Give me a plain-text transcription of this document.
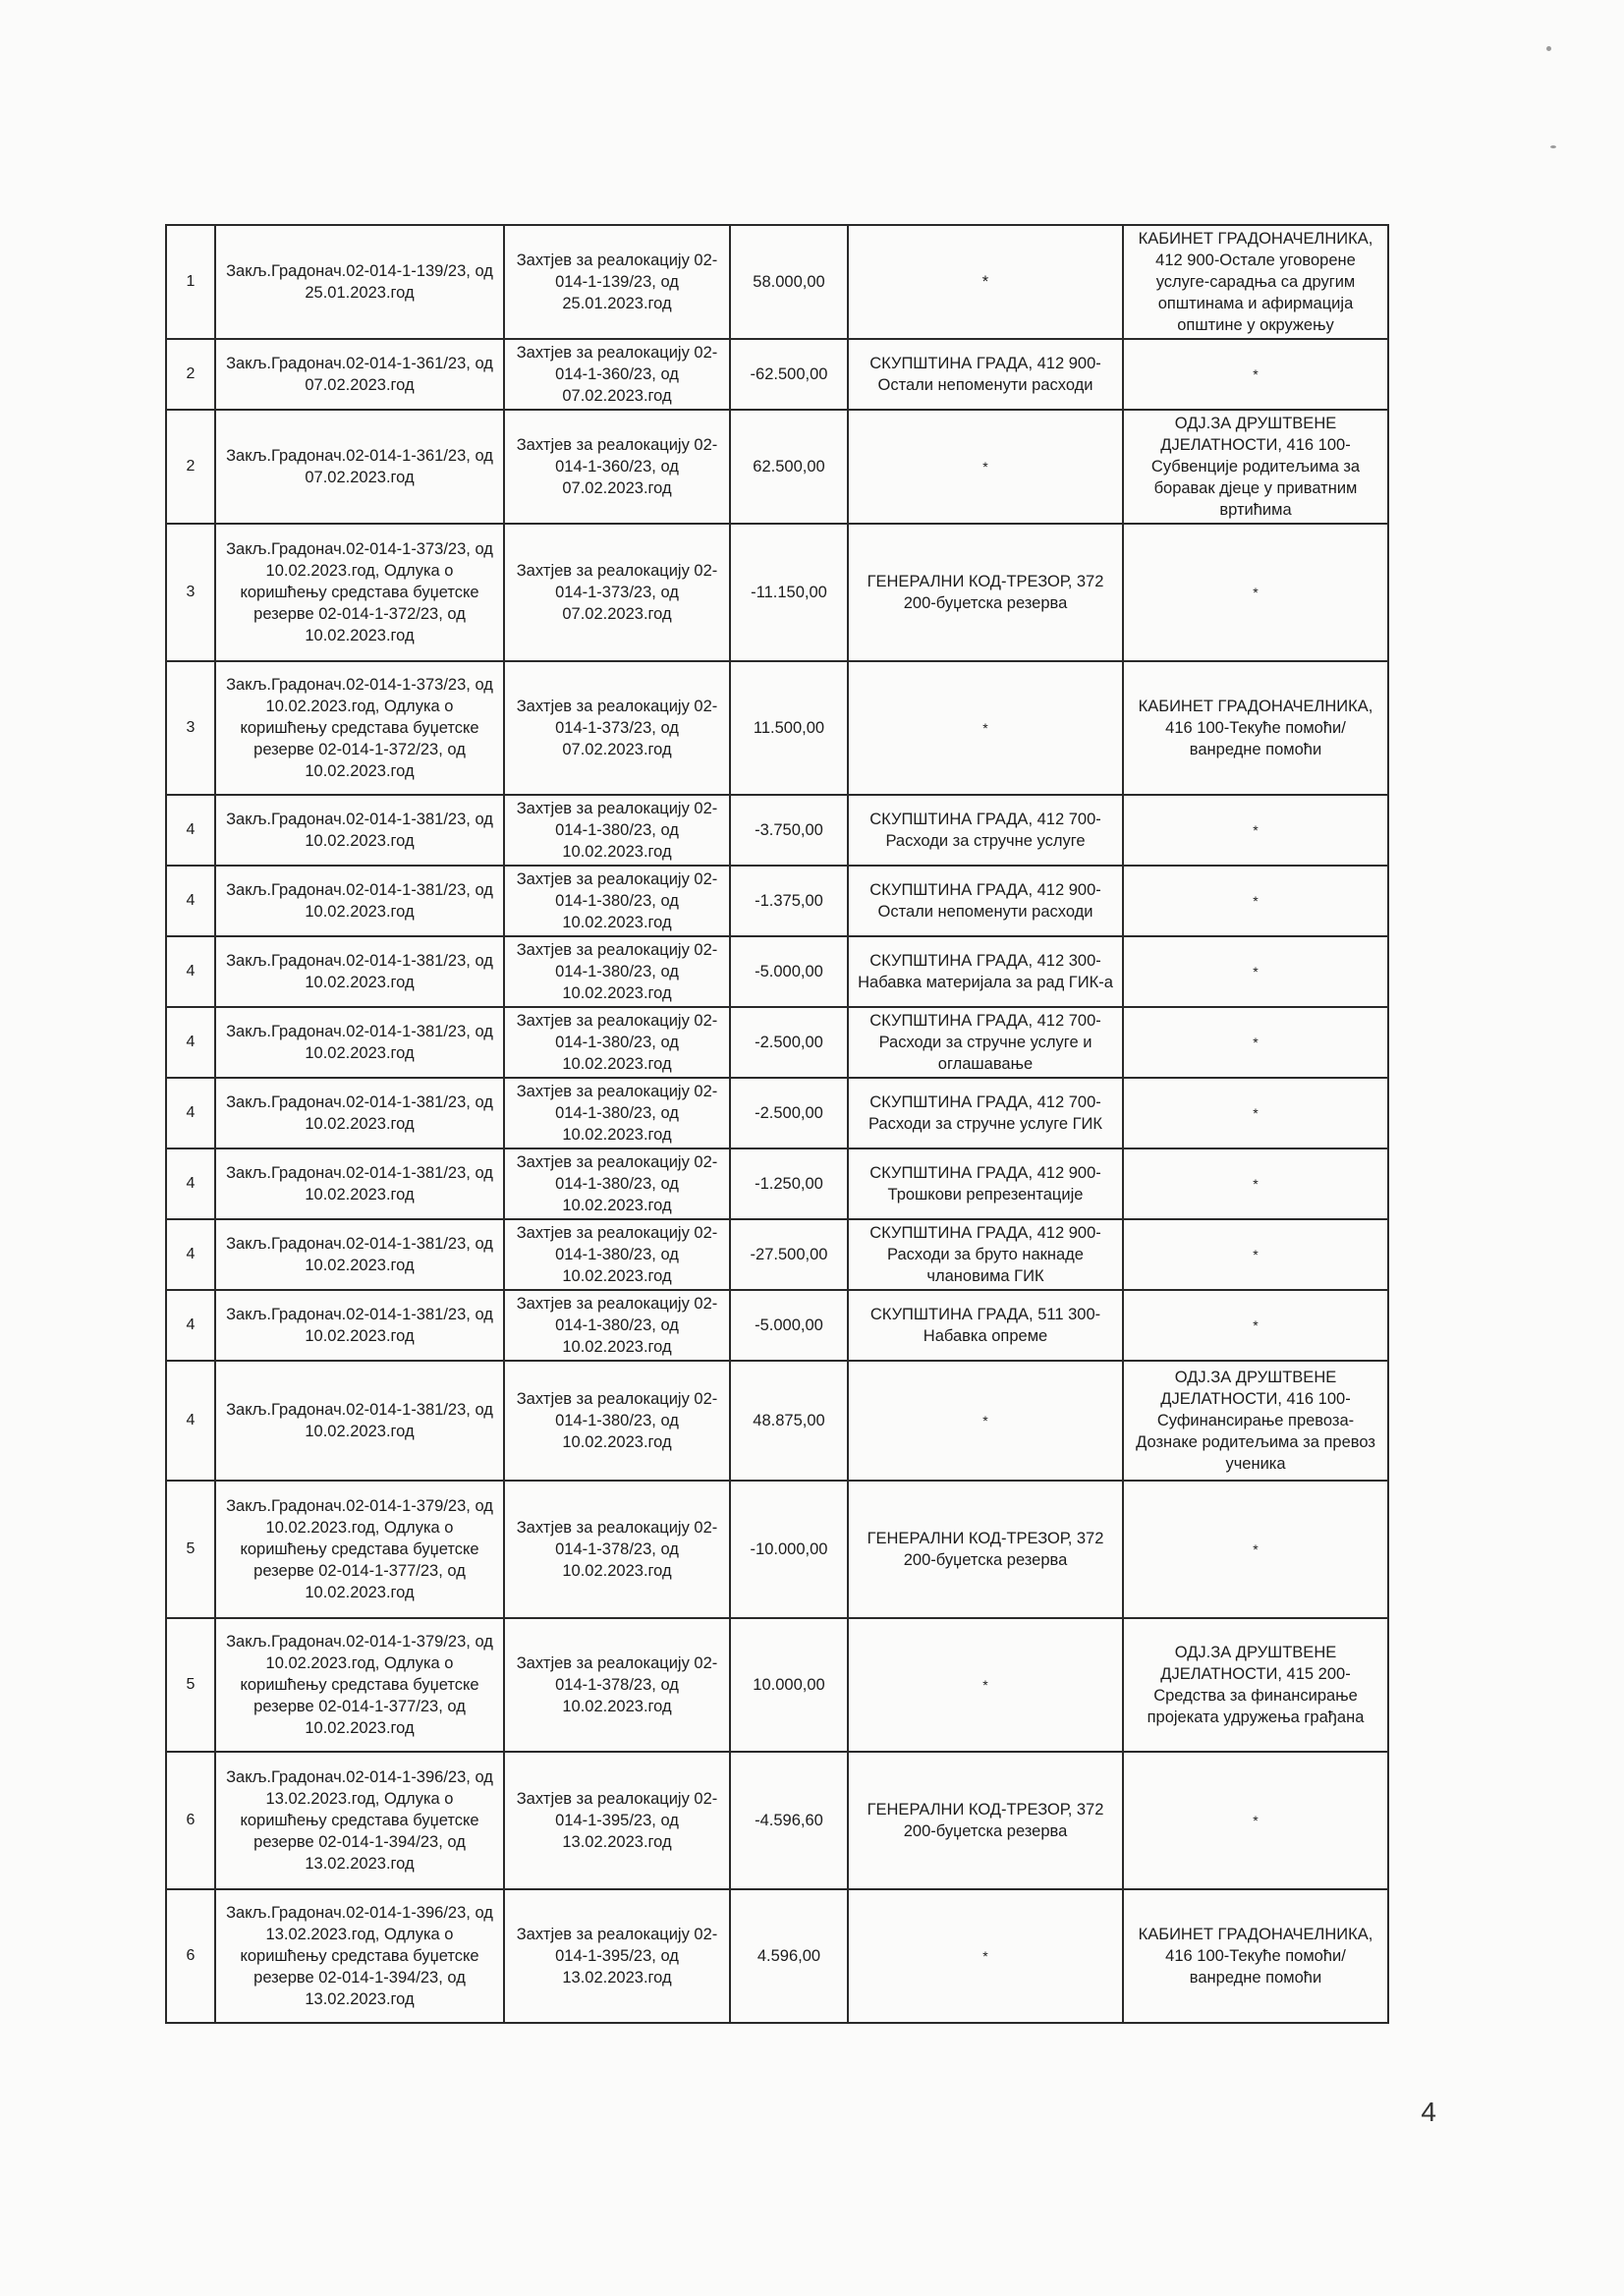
1	Закљ.Градонач.02-014-1-139/23, од 25.01.2023.год	Захтјев за реалокацију 02-014-1-139/23, од 25.01.2023.год	58.000,00	*	КАБИНЕТ ГРАДОНАЧЕЛНИКА, 412 900-Остале уговорене услуге-сарадња са другим општинама и афирмација општине у окружењу
2	Закљ.Градонач.02-014-1-361/23, од 07.02.2023.год	Захтјев за реалокацију 02-014-1-360/23, од 07.02.2023.год	-62.500,00	СКУПШТИНА ГРАДА, 412 900-Остали непоменути расходи	*
2	Закљ.Градонач.02-014-1-361/23, од 07.02.2023.год	Захтјев за реалокацију 02-014-1-360/23, од 07.02.2023.год	62.500,00	*	ОДЈ.ЗА ДРУШТВЕНЕ ДЈЕЛАТНОСТИ, 416 100-Субвенције родитељима за боравак дјеце у приватним вртићима
3	Закљ.Градонач.02-014-1-373/23, од 10.02.2023.год, Одлука о коришћењу средстава буџетске резерве 02-014-1-372/23, од 10.02.2023.год	Захтјев за реалокацију 02-014-1-373/23, од 07.02.2023.год	-11.150,00	ГЕНЕРАЛНИ КОД-ТРЕЗОР, 372 200-буџетска резерва	*
3	Закљ.Градонач.02-014-1-373/23, од 10.02.2023.год, Одлука о коришћењу средстава буџетске резерве 02-014-1-372/23, од 10.02.2023.год	Захтјев за реалокацију 02-014-1-373/23, од 07.02.2023.год	11.500,00	*	КАБИНЕТ ГРАДОНАЧЕЛНИКА, 416 100-Текуће помоћи/ванредне помоћи
4	Закљ.Градонач.02-014-1-381/23, од 10.02.2023.год	Захтјев за реалокацију 02-014-1-380/23, од 10.02.2023.год	-3.750,00	СКУПШТИНА ГРАДА, 412 700-Расходи за стручне услуге	*
4	Закљ.Градонач.02-014-1-381/23, од 10.02.2023.год	Захтјев за реалокацију 02-014-1-380/23, од 10.02.2023.год	-1.375,00	СКУПШТИНА ГРАДА, 412 900-Остали непоменути расходи	*
4	Закљ.Градонач.02-014-1-381/23, од 10.02.2023.год	Захтјев за реалокацију 02-014-1-380/23, од 10.02.2023.год	-5.000,00	СКУПШТИНА ГРАДА, 412 300-Набавка материјала за рад ГИК-а	*
4	Закљ.Градонач.02-014-1-381/23, од 10.02.2023.год	Захтјев за реалокацију 02-014-1-380/23, од 10.02.2023.год	-2.500,00	СКУПШТИНА ГРАДА, 412 700-Расходи за стручне услуге и оглашавање	*
4	Закљ.Градонач.02-014-1-381/23, од 10.02.2023.год	Захтјев за реалокацију 02-014-1-380/23, од 10.02.2023.год	-2.500,00	СКУПШТИНА ГРАДА, 412 700-Расходи за стручне услуге ГИК	*
4	Закљ.Градонач.02-014-1-381/23, од 10.02.2023.год	Захтјев за реалокацију 02-014-1-380/23, од 10.02.2023.год	-1.250,00	СКУПШТИНА ГРАДА, 412 900-Трошкови репрезентације	*
4	Закљ.Градонач.02-014-1-381/23, од 10.02.2023.год	Захтјев за реалокацију 02-014-1-380/23, од 10.02.2023.год	-27.500,00	СКУПШТИНА ГРАДА, 412 900-Расходи за бруто накнаде члановима ГИК	*
4	Закљ.Градонач.02-014-1-381/23, од 10.02.2023.год	Захтјев за реалокацију 02-014-1-380/23, од 10.02.2023.год	-5.000,00	СКУПШТИНА ГРАДА, 511 300-Набавка опреме	*
4	Закљ.Градонач.02-014-1-381/23, од 10.02.2023.год	Захтјев за реалокацију 02-014-1-380/23, од 10.02.2023.год	48.875,00	*	ОДЈ.ЗА ДРУШТВЕНЕ ДЈЕЛАТНОСТИ, 416 100-Суфинансирање превоза-Дознаке родитељима за превоз ученика
5	Закљ.Градонач.02-014-1-379/23, од 10.02.2023.год, Одлука о коришћењу средстава буџетске резерве 02-014-1-377/23, од 10.02.2023.год	Захтјев за реалокацију 02-014-1-378/23, од 10.02.2023.год	-10.000,00	ГЕНЕРАЛНИ КОД-ТРЕЗОР, 372 200-буџетска резерва	*
5	Закљ.Градонач.02-014-1-379/23, од 10.02.2023.год, Одлука о коришћењу средстава буџетске резерве 02-014-1-377/23, од 10.02.2023.год	Захтјев за реалокацију 02-014-1-378/23, од 10.02.2023.год	10.000,00	*	ОДЈ.ЗА ДРУШТВЕНЕ ДЈЕЛАТНОСТИ, 415 200-Средства за финансирање пројеката удружења грађана
6	Закљ.Градонач.02-014-1-396/23, од 13.02.2023.год, Одлука о коришћењу средстава буџетске резерве 02-014-1-394/23, од 13.02.2023.год	Захтјев за реалокацију 02-014-1-395/23, од 13.02.2023.год	-4.596,60	ГЕНЕРАЛНИ КОД-ТРЕЗОР, 372 200-буџетска резерва	*
6	Закљ.Градонач.02-014-1-396/23, од 13.02.2023.год, Одлука о коришћењу средстава буџетске резерве 02-014-1-394/23, од 13.02.2023.год	Захтјев за реалокацију 02-014-1-395/23, од 13.02.2023.год	4.596,00	*	КАБИНЕТ ГРАДОНАЧЕЛНИКА, 416 100-Текуће помоћи/ванредне помоћи
4
